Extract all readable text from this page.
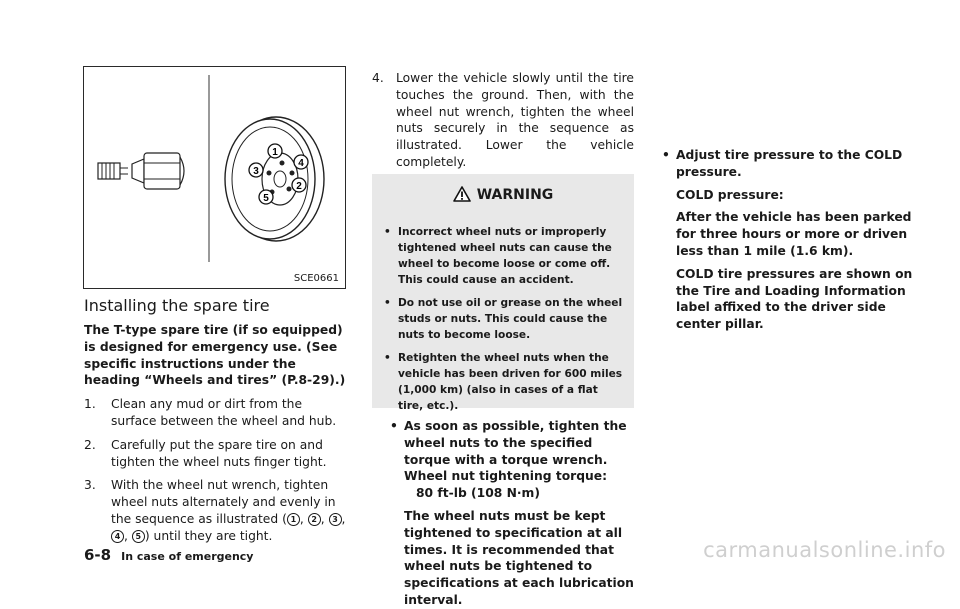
1
4
2
3
5
SCE0661
Installing the spare tire

The T-type spare tire (if so equipped) is designed for emergency use. (See specific instructions under the heading “Wheels and tires” (P.8-29).)

1. Clean any mud or dirt from the surface between the wheel and hub.
2. Carefully put the spare tire on and tighten the wheel nuts finger tight.
3. With the wheel nut wrench, tighten wheel nuts alternately and evenly in the sequence as illustrated ( 1 , 2 , 3 , 4 , 5 ) until they are tight.
4. Lower the vehicle slowly until the tire touches the ground. Then, with the wheel nut wrench, tighten the wheel nuts securely in the sequence as illustrated. Lower the vehicle completely.
WARNING
• Incorrect wheel nuts or improperly tightened wheel nuts can cause the wheel to become loose or come off. This could cause an accident.
• Do not use oil or grease on the wheel studs or nuts. This could cause the nuts to become loose.
• Retighten the wheel nuts when the vehicle has been driven for 600 miles (1,000 km) (also in cases of a flat tire, etc.).
• As soon as possible, tighten the wheel nuts to the specified torque with a torque wrench.

Wheel nut tightening torque:

80 ft-lb (108 N·m)

The wheel nuts must be kept tightened to specification at all times. It is recommended that wheel nuts be tightened to specifications at each lubrication interval.

• Adjust tire pressure to the COLD pressure.

COLD pressure:

After the vehicle has been parked for three hours or more or driven less than 1 mile (1.6 km).

COLD tire pressures are shown on the Tire and Loading Information label affixed to the driver side center pillar.

6-8 In case of emergency	carmanualsonline.info
